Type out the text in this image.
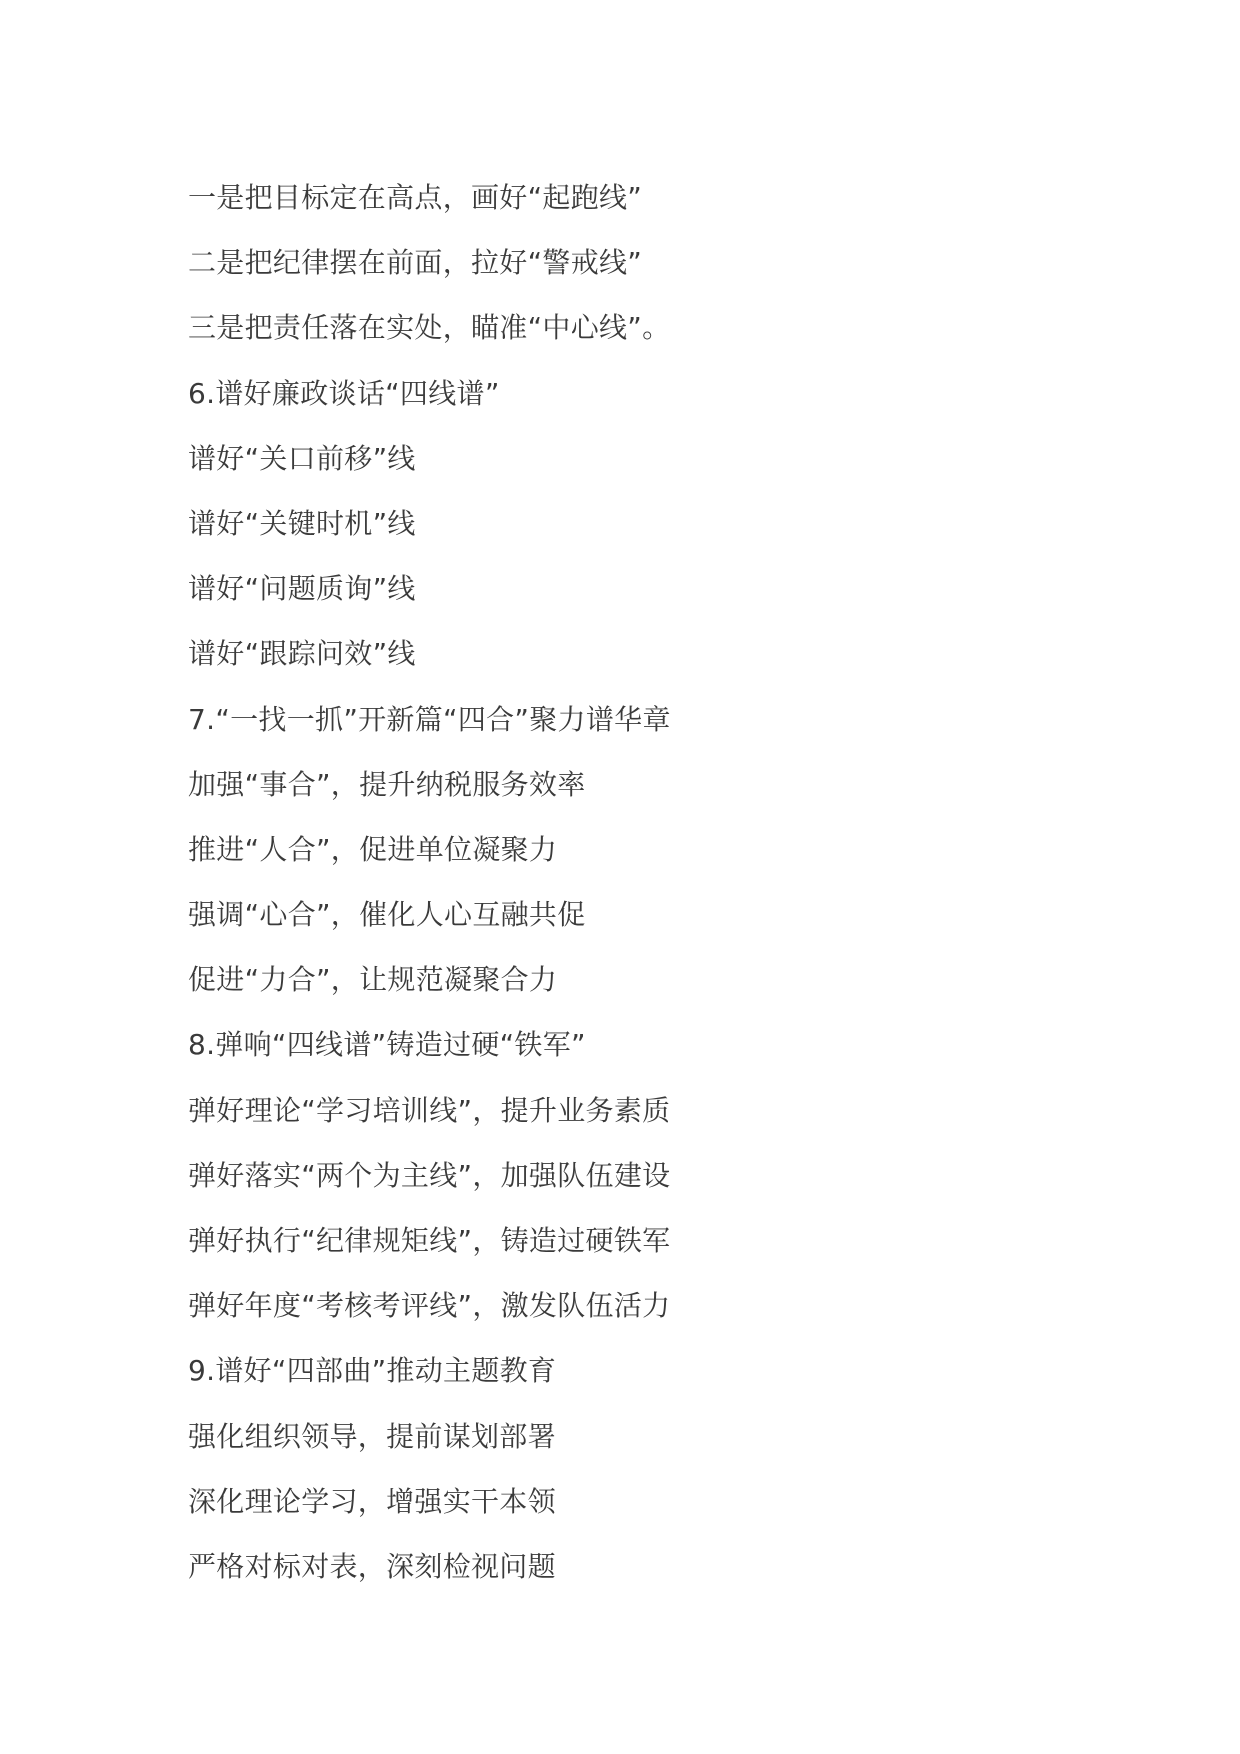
一是把目标定在高点，画好“起跑线”
二是把纪律摆在前面，拉好“警戒线”
三是把责任落在实处，瞄准“中心线”。
6.谱好廉政谈话“四线谱”
谱好“关口前移”线
谱好“关键时机”线
谱好“问题质询”线
谱好“跟踪问效”线
7.“一找一抓”开新篇“四合”聚力谱华章
加强“事合”，提升纳税服务效率
推进“人合”，促进单位凝聚力
强调“心合”，催化人心互融共促
促进“力合”，让规范凝聚合力
8.弹响“四线谱”铸造过硬“铁军”
弹好理论“学习培训线”，提升业务素质
弹好落实“两个为主线”，加强队伍建设
弹好执行“纪律规矩线”，铸造过硬铁军
弹好年度“考核考评线”，激发队伍活力
9.谱好“四部曲”推动主题教育
强化组织领导，提前谋划部署
深化理论学习，增强实干本领
严格对标对表，深刻检视问题
